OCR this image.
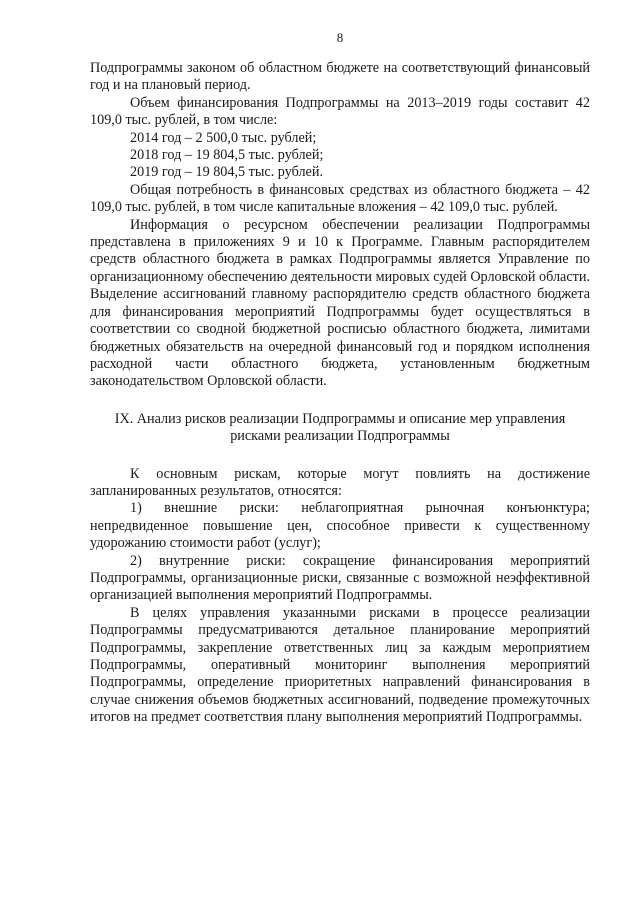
8

Подпрограммы законом об областном бюджете на соответствующий финансовый год и на плановый период.

Объем финансирования Подпрограммы на 2013–2019 годы составит 42 109,0 тыс. рублей, в том числе:

2014 год – 2 500,0 тыс. рублей;
2018 год – 19 804,5 тыс. рублей;
2019 год – 19 804,5 тыс. рублей.

Общая потребность в финансовых средствах из областного бюджета – 42 109,0 тыс. рублей, в том числе капитальные вложения – 42 109,0 тыс. рублей.

Информация о ресурсном обеспечении реализации Подпрограммы представлена в приложениях 9 и 10 к Программе. Главным распорядителем средств областного бюджета в рамках Подпрограммы является Управление по организационному обеспечению деятельности мировых судей Орловской области. Выделение ассигнований главному распорядителю средств областного бюджета для финансирования мероприятий Подпрограммы будет осуществляться в соответствии со сводной бюджетной росписью областного бюджета, лимитами бюджетных обязательств на очередной финансовый год и порядком исполнения расходной части областного бюджета, установленным бюджетным законодательством Орловской области.

IX. Анализ рисков реализации Подпрограммы и описание мер управления

рисками реализации Подпрограммы

К основным рискам, которые могут повлиять на достижение запланированных результатов, относятся:

1) внешние риски: неблагоприятная рыночная конъюнктура; непредвиденное повышение цен, способное привести к существенному удорожанию стоимости работ (услуг);

2) внутренние риски: сокращение финансирования мероприятий Подпрограммы, организационные риски, связанные с возможной неэффективной организацией выполнения мероприятий Подпрограммы.

В целях управления указанными рисками в процессе реализации Подпрограммы предусматриваются детальное планирование мероприятий Подпрограммы, закрепление ответственных лиц за каждым мероприятием Подпрограммы, оперативный мониторинг выполнения мероприятий Подпрограммы, определение приоритетных направлений финансирования в случае снижения объемов бюджетных ассигнований, подведение промежуточных итогов на предмет соответствия плану выполнения мероприятий Подпрограммы.
